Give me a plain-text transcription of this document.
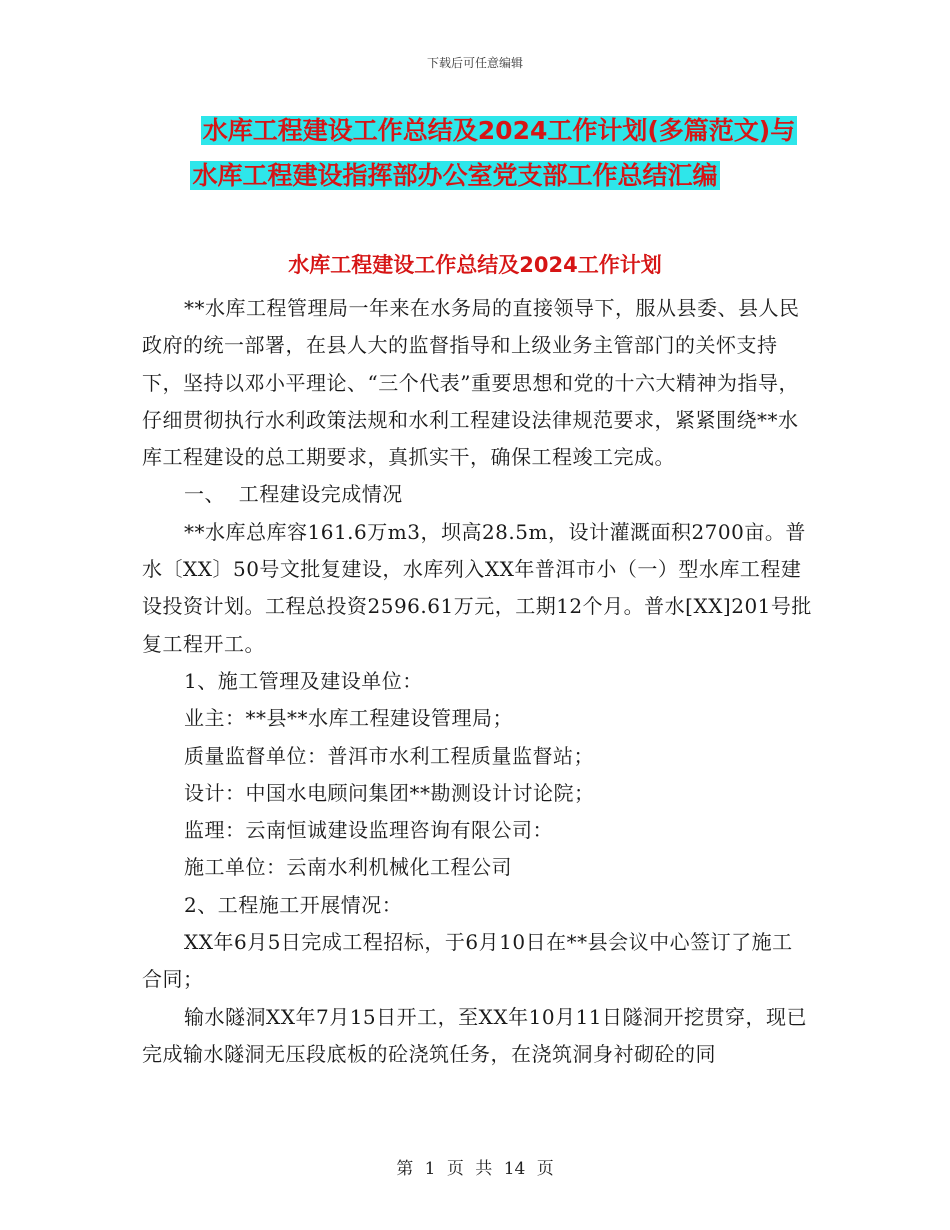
下载后可任意编辑
水库工程建设工作总结及2024工作计划(多篇范文)与
水库工程建设指挥部办公室党支部工作总结汇编
水库工程建设工作总结及2024工作计划

**水库工程管理局一年来在水务局的直接领导下，服从县委、县人民政府的统一部署，在县人大的监督指导和上级业务主管部门的关怀支持下，坚持以邓小平理论、“三个代表”重要思想和党的十六大精神为指导，仔细贯彻执行水利政策法规和水利工程建设法律规范要求，紧紧围绕**水库工程建设的总工期要求，真抓实干，确保工程竣工完成。

一、  工程建设完成情况

**水库总库容161.6万m3，坝高28.5m，设计灌溉面积2700亩。普水〔XX〕50号文批复建设，水库列入XX年普洱市小（一）型水库工程建设投资计划。工程总投资2596.61万元，工期12个月。普水[XX]201号批复工程开工。

1、施工管理及建设单位：

业主：**县**水库工程建设管理局；

质量监督单位：普洱市水利工程质量监督站；

设计：中国水电顾问集团**勘测设计讨论院；

监理：云南恒诚建设监理咨询有限公司：

施工单位：云南水利机械化工程公司

2、工程施工开展情况：

XX年6月5日完成工程招标，于6月10日在**县会议中心签订了施工合同；

输水隧洞XX年7月15日开工，至XX年10月11日隧洞开挖贯穿，现已完成输水隧洞无压段底板的砼浇筑任务，在浇筑洞身衬砌砼的同

第 1 页 共 14 页
